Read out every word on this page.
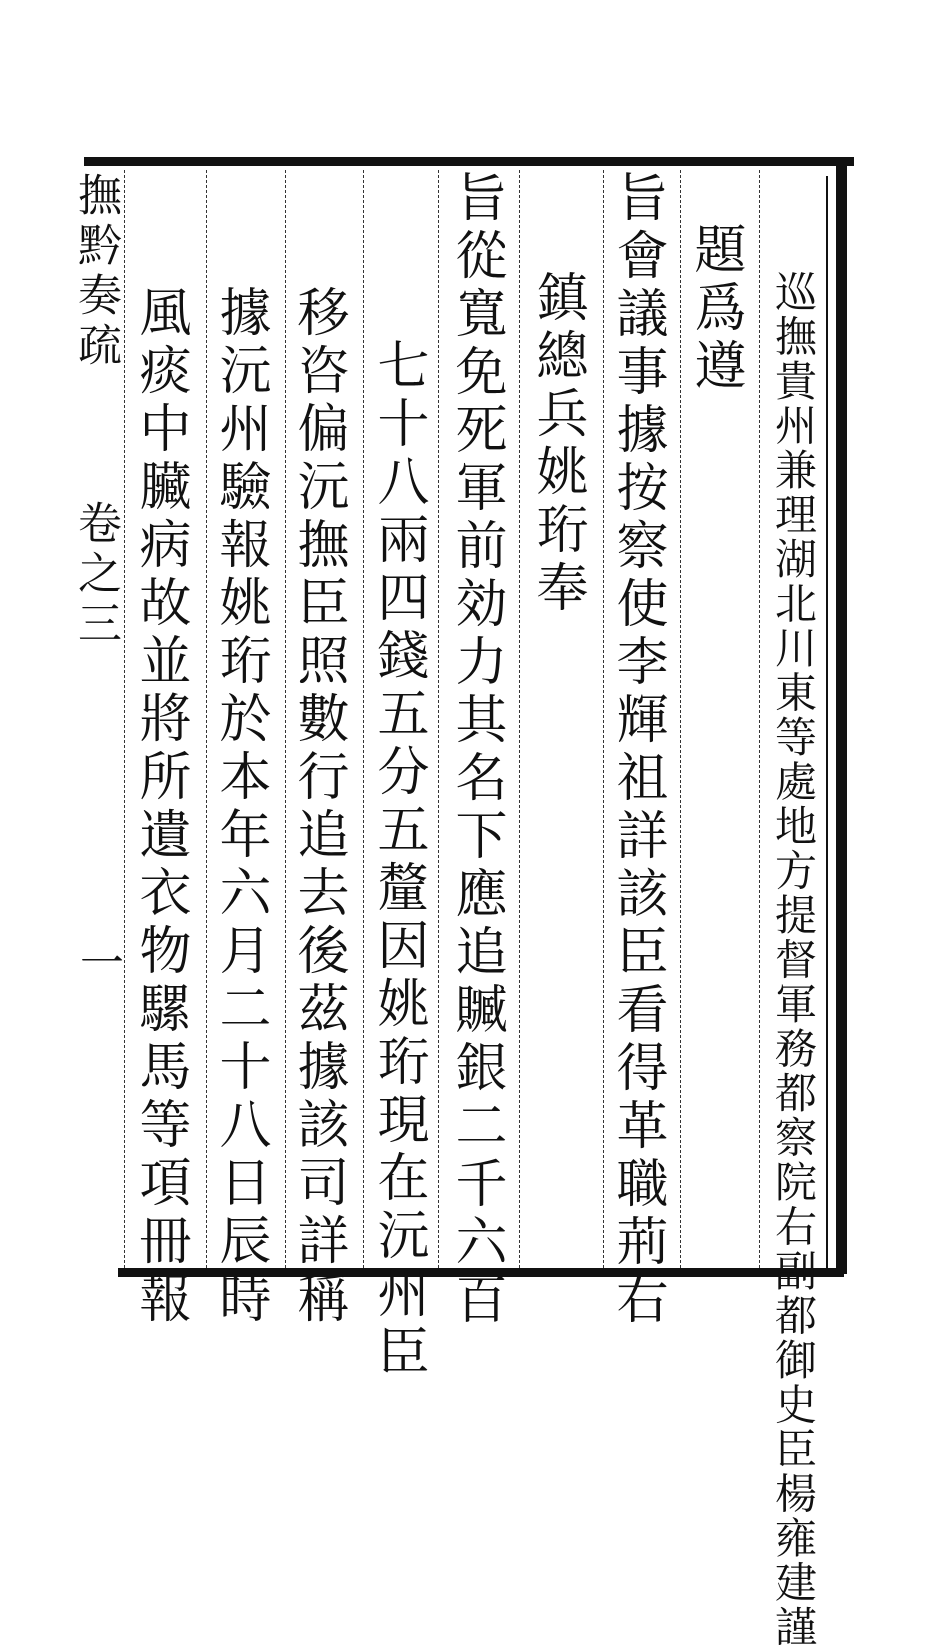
巡撫貴州兼理湖北川東等處地方提督軍務都察院右副都御史臣楊雍建謹
題爲遵
旨會議事據按察使李輝祖詳該臣看得革職荊右
鎮總兵姚珩奉
旨從寬免死軍前効力其名下應追贓銀二千六百
七十八兩四錢五分五釐因姚珩現在沅州臣
移咨偏沅撫臣照數行追去後茲據該司詳稱
據沅州驗報姚珩於本年六月二十八日辰時
風痰中臟病故並將所遺衣物騾馬等項冊報
撫黔奏疏
卷之三
一
